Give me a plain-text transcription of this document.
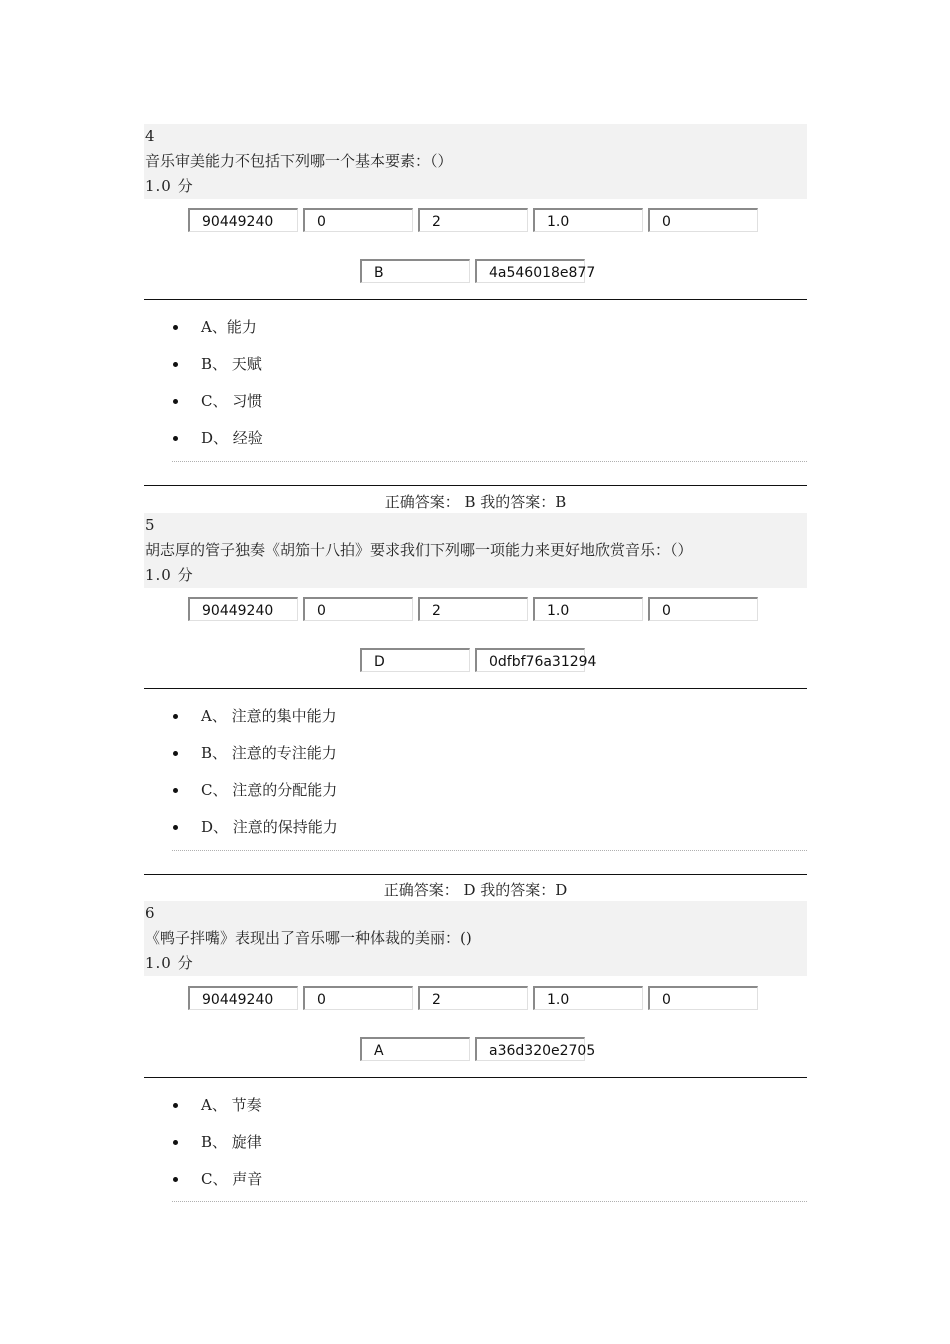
4
音乐审美能力不包括下列哪一个基本要素：（）
1.0 分
90449240	0	2	1.0	0
B	4a546018e877
A、能力
B、 天赋
C、 习惯
D、 经验
正确答案： B 我的答案：B
5
胡志厚的管子独奏《胡笳十八拍》要求我们下列哪一项能力来更好地欣赏音乐：（）
1.0 分
90449240	0	2	1.0	0
D	0dfbf76a31294
A、 注意的集中能力
B、 注意的专注能力
C、 注意的分配能力
D、 注意的保持能力
正确答案： D 我的答案：D
6
《鸭子拌嘴》表现出了音乐哪一种体裁的美丽：()
1.0 分
90449240	0	2	1.0	0
A	a36d320e2705
A、 节奏
B、 旋律
C、 声音
